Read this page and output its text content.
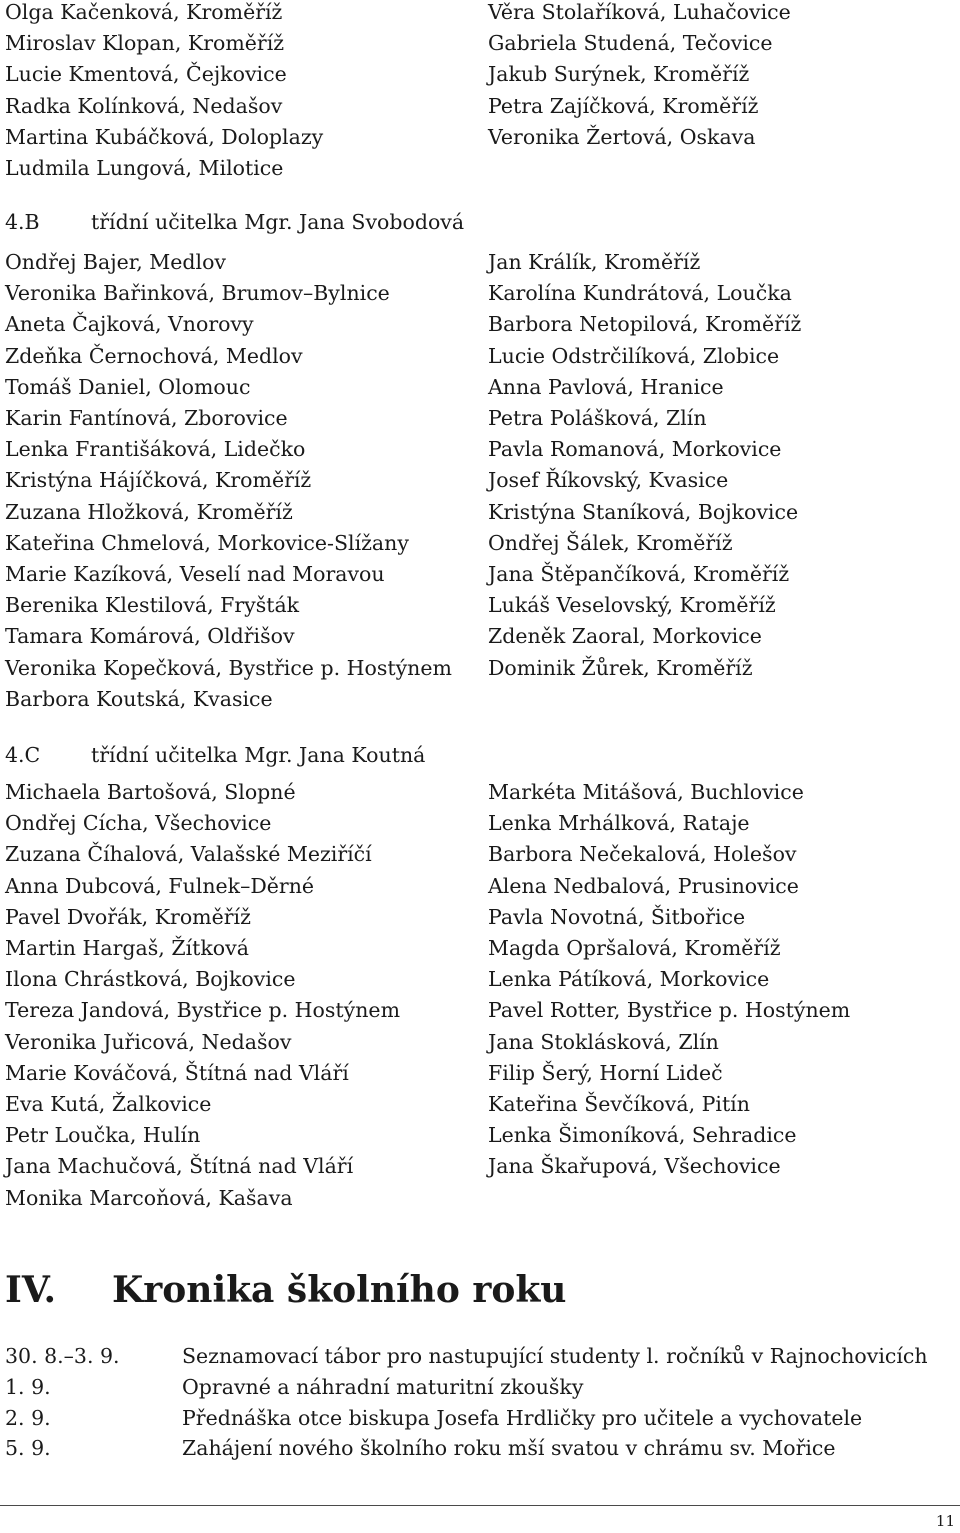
Olga Kačenková, Kroměříž
Miroslav Klopan, Kroměříž
Lucie Kmentová, Čejkovice
Radka Kolínková, Nedašov
Martina Kubáčková, Doloplazy
Ludmila Lungová, Milotice
Věra Stolaříková, Luhačovice
Gabriela Studená, Tečovice
Jakub Surýnek, Kroměříž
Petra Zajíčková, Kroměříž
Veronika Žertová, Oskava
4.B	třídní učitelka Mgr. Jana Svobodová
Ondřej Bajer, Medlov
Veronika Bařinková, Brumov–Bylnice
Aneta Čajková, Vnorovy
Zdeňka Černochová, Medlov
Tomáš Daniel, Olomouc
Karin Fantínová, Zborovice
Lenka Františáková, Lidečko
Kristýna Hájíčková, Kroměříž
Zuzana Hložková, Kroměříž
Kateřina Chmelová, Morkovice-Slížany
Marie Kazíková, Veselí nad Moravou
Berenika Klestilová, Fryšták
Tamara Komárová, Oldřišov
Veronika Kopečková, Bystřice p. Hostýnem
Barbora Koutská, Kvasice
Jan Králík, Kroměříž
Karolína Kundrátová, Loučka
Barbora Netopilová, Kroměříž
Lucie Odstrčilíková, Zlobice
Anna Pavlová, Hranice
Petra Polášková, Zlín
Pavla Romanová, Morkovice
Josef Říkovský, Kvasice
Kristýna Staníková, Bojkovice
Ondřej Šálek, Kroměříž
Jana Štěpančíková, Kroměříž
Lukáš Veselovský, Kroměříž
Zdeněk Zaoral, Morkovice
Dominik Žůrek, Kroměříž
4.C třídní učitelka Mgr. Jana Koutná
Michaela Bartošová, Slopné
Ondřej Cícha, Všechovice
Zuzana Číhalová, Valašské Meziříčí
Anna Dubcová, Fulnek–Děrné
Pavel Dvořák, Kroměříž
Martin Hargaš, Žítková
Ilona Chrástková, Bojkovice
Tereza Jandová, Bystřice p. Hostýnem
Veronika Juřicová, Nedašov
Marie Kováčová, Štítná nad Vláří
Eva Kutá, Žalkovice
Petr Loučka, Hulín
Jana Machučová, Štítná nad Vláří
Monika Marcoňová, Kašava
Markéta Mitášová, Buchlovice
Lenka Mrhálková, Rataje
Barbora Nečekalová, Holešov
Alena Nedbalová, Prusinovice
Pavla Novotná, Šitbořice
Magda Opršalová, Kroměříž
Lenka Pátíková, Morkovice
Pavel Rotter, Bystřice p. Hostýnem
Jana Stoklásková, Zlín
Filip Šerý, Horní Lideč
Kateřina Ševčíková, Pitín
Lenka Šimoníková, Sehradice
Jana Škařupová, Všechovice
IV. Kronika školního roku
30. 8.–3. 9.	Seznamovací tábor pro nastupující studenty l. ročníků v Rajnochovicích
1. 9.	Opravné a náhradní maturitní zkoušky
2. 9.	Přednáška otce biskupa Josefa Hrdličky pro učitele a vychovatele
5. 9.	Zahájení nového školního roku mší svatou v chrámu sv. Mořice
11
